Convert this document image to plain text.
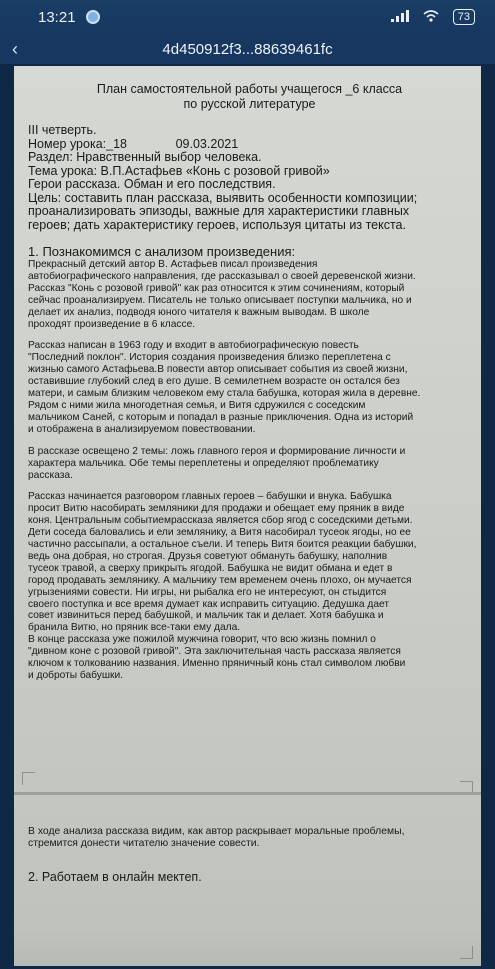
13:21	73
‹	4d450912f3...88639461fc
План самостоятельной работы учащегося _6 класса
по русской литературе
III четверть.
Номер урока:_18              09.03.2021
Раздел: Нравственный выбор человека.
Тема урока: В.П.Астафьев «Конь с розовой гривой»
Герои рассказа. Обман и его последствия.
Цель: составить план рассказа, выявить особенности композиции;
проанализировать эпизоды, важные для характеристики главных
героев; дать характеристику героев, используя цитаты из текста.
1. Познакомимся с анализом произведения:
Прекрасный детский автор В. Астафьев писал произведения
автобиографического направления, где рассказывал о своей деревенской жизни.
Рассказ "Конь с розовой гривой" как раз относится к этим сочинениям, который
сейчас проанализируем. Писатель не только описывает поступки мальчика, но и
делает их анализ, подводя юного читателя к важным выводам. В школе
проходят произведение в 6 классе.
Рассказ написан в 1963 году и входит в автобиографическую повесть
"Последний поклон". История создания произведения близко переплетена с
жизнью самого Астафьева.В повести автор описывает события из своей жизни,
оставившие глубокий след в его душе. В семилетнем возрасте он остался без
матери, и самым близким человеком ему стала бабушка, которая жила в деревне.
Рядом с ними жила многодетная семья, и Витя сдружился с соседским
мальчиком Саней, с которым и попадал в разные приключения. Одна из историй
и отображена в анализируемом повествовании.
В рассказе освещено 2 темы: ложь главного героя и формирование личности и
характера мальчика. Обе темы переплетены и определяют проблематику
рассказа.
Рассказ начинается разговором главных героев – бабушки и внука. Бабушка
просит Витю насобирать земляники для продажи и обещает ему пряник в виде
коня. Центральным событиемрассказа является сбор ягод с соседскими детьми.
Дети соседа баловались и ели землянику, а Витя насобирал тусеок ягоды, но ее
частично рассыпали, а остальное съели. И теперь Витя боится реакции бабушки,
ведь она добрая, но строгая. Друзья советуют обмануть бабушку, наполнив
тусеок травой, а сверху прикрыть ягодой. Бабушка не видит обмана и едет в
город продавать землянику. А мальчику тем временем очень плохо, он мучается
угрызениями совести. Ни игры, ни рыбалка его не интересуют, он стыдится
своего поступка и все время думает как исправить ситуацию. Дедушка дает
совет извиниться перед бабушкой, и мальчик так и делает. Хотя бабушка и
бранила Витю, но пряник все-таки ему дала.
В конце рассказа уже пожилой мужчина говорит, что всю жизнь помнил о
"дивном коне с розовой гривой". Эта заключительная часть рассказа является
ключом к толкованию названия. Именно пряничный конь стал символом любви
и доброты бабушки.
В ходе анализа рассказа видим, как автор раскрывает моральные проблемы,
стремится донести читателю значение совести.
2. Работаем в онлайн мектеп.
